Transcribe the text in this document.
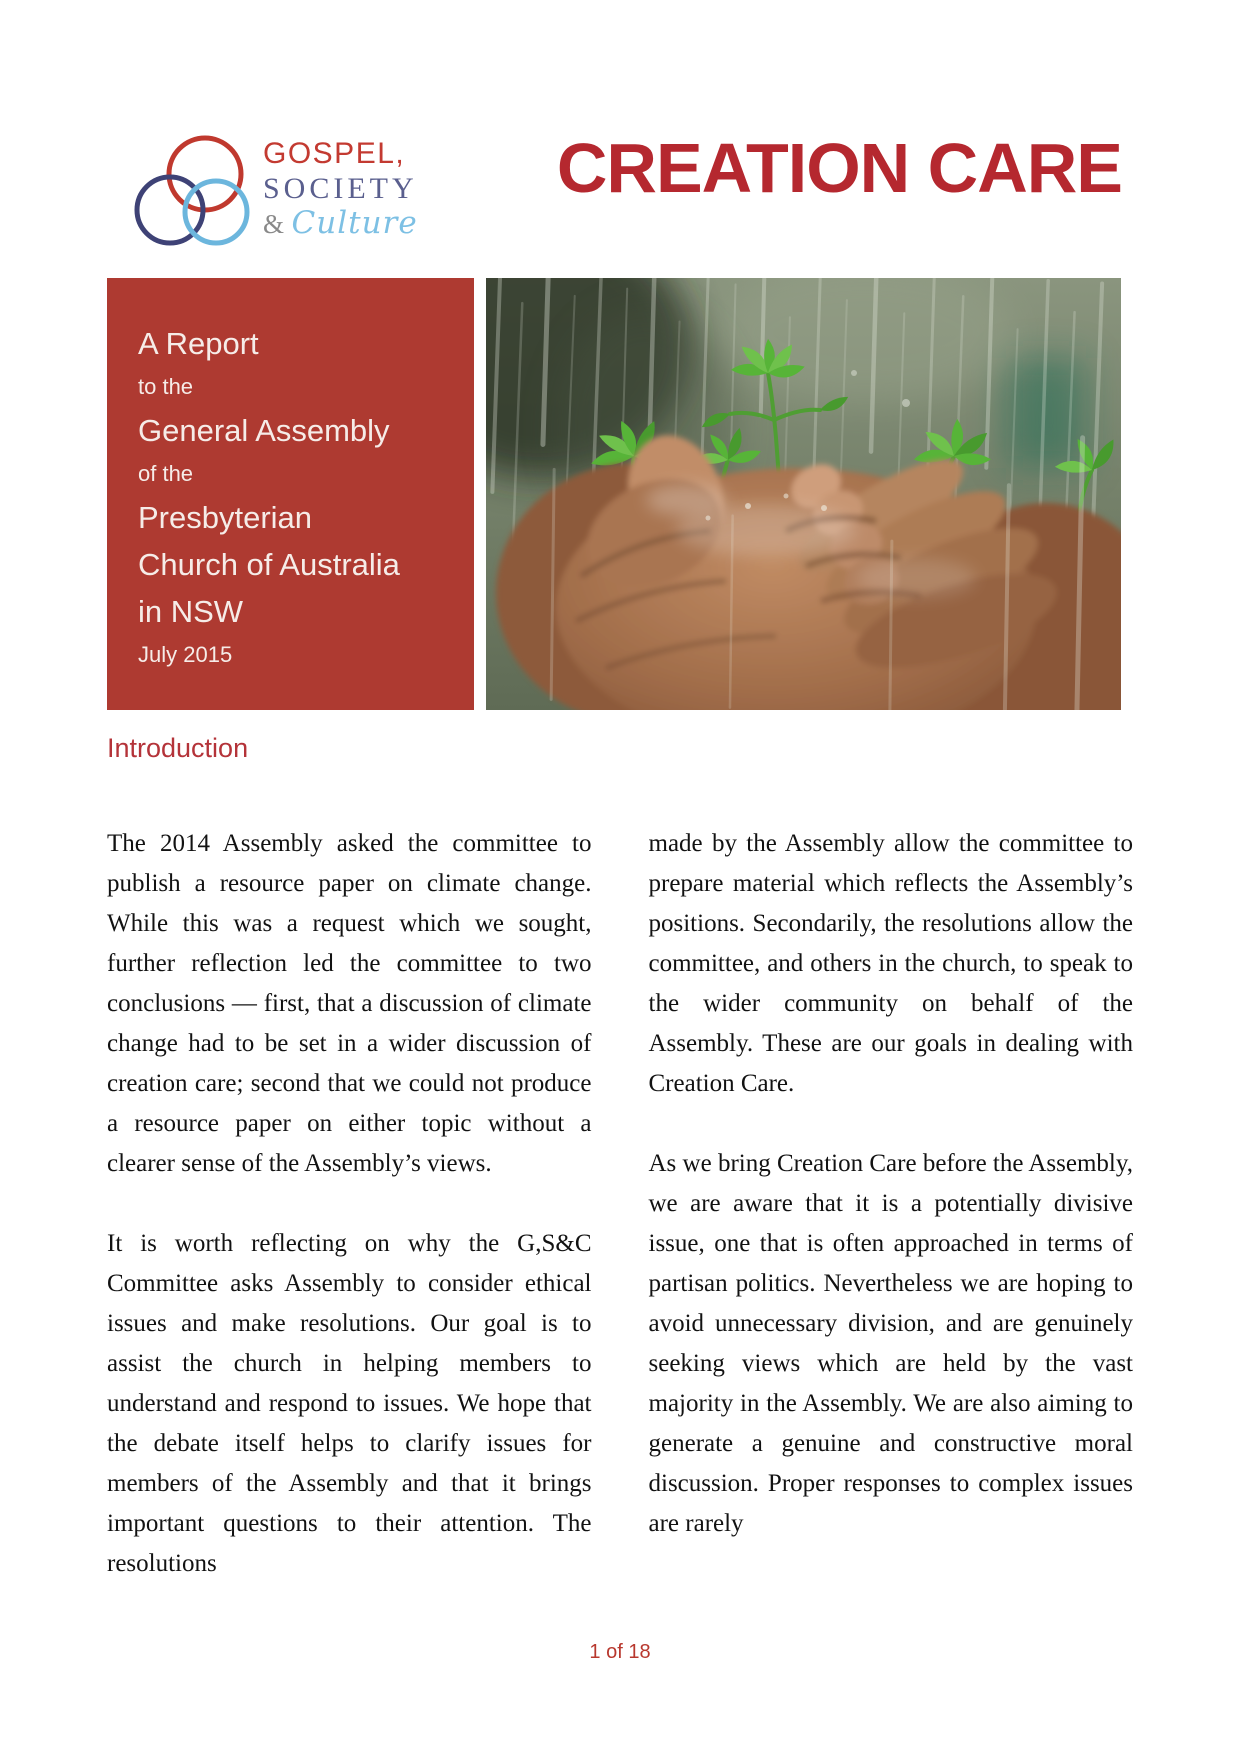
GOSPEL,
SOCIETY
& Culture
CREATION CARE
A Report
to the
General Assembly
of the
Presbyterian
Church of Australia
in NSW
July 2015
Introduction

The 2014 Assembly asked the committee to publish a resource paper on climate change. While this was a request which we sought, further reflection led the committee to two conclusions — first, that a discussion of climate change had to be set in a wider discussion of creation care; second that we could not produce a resource paper on either topic without a clearer sense of the Assembly’s views.

It is worth reflecting on why the G,S&C Committee asks Assembly to consider ethical issues and make resolutions. Our goal is to assist the church in helping members to understand and respond to issues. We hope that the debate itself helps to clarify issues for members of the Assembly and that it brings important questions to their attention. The resolutions

made by the Assembly allow the committee to prepare material which reflects the Assembly’s positions. Secondarily, the resolutions allow the committee, and others in the church, to speak to the wider community on behalf of the Assembly. These are our goals in dealing with Creation Care.

As we bring Creation Care before the Assembly, we are aware that it is a potentially divisive issue, one that is often approached in terms of partisan politics. Nevertheless we are hoping to avoid unnecessary division, and are genuinely seeking views which are held by the vast majority in the Assembly. We are also aiming to generate a genuine and constructive moral discussion. Proper responses to complex issues are rarely

1 of 18
